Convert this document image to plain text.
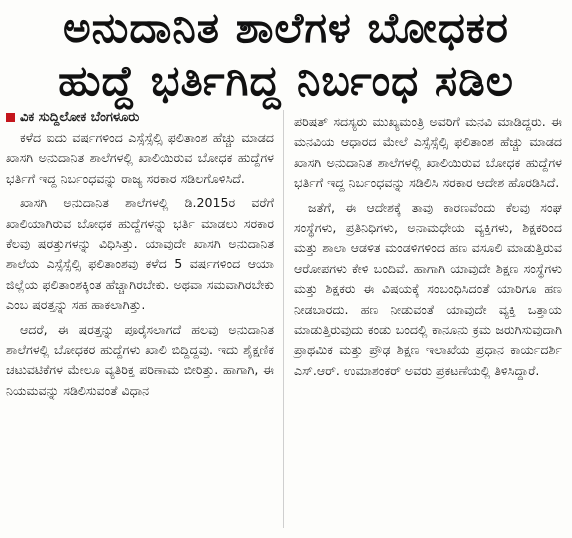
ಅನುದಾನಿತ ಶಾಲೆಗಳ ಬೋಧಕರ
ಹುದ್ದೆ ಭರ್ತಿಗಿದ್ದ ನಿರ್ಬಂಧ ಸಡಿಲ
ವಿಕ ಸುದ್ದಿಲೋಕ ಬೆಂಗಳೂರು

ಕಳೆದ ಐದು ವರ್ಷಗಳಿಂದ ಎಸ್ಸೆಸ್ಸೆಲ್ಸಿ ಫಲಿತಾಂಶ ಹೆಚ್ಚು ಮಾಡದ ಖಾಸಗಿ ಅನುದಾನಿತ ಶಾಲೆಗಳಲ್ಲಿ ಖಾಲಿಯಿರುವ ಬೋಧಕ ಹುದ್ದೆಗಳ ಭರ್ತಿಗೆ ಇದ್ದ ನಿರ್ಬಂಧವನ್ನು ರಾಜ್ಯ ಸರಕಾರ ಸಡಿಲಗೊಳಿಸಿದೆ.

ಖಾಸಗಿ ಅನುದಾನಿತ ಶಾಲೆಗಳಲ್ಲಿ ಡಿ.2015ರ ವರೆಗೆ ಖಾಲಿಯಾಗಿರುವ ಬೋಧಕ ಹುದ್ದೆಗಳನ್ನು ಭರ್ತಿ ಮಾಡಲು ಸರಕಾರ ಕೆಲವು ಷರತ್ತುಗಳನ್ನು ವಿಧಿಸಿತ್ತು. ಯಾವುದೇ ಖಾಸಗಿ ಅನುದಾನಿತ ಶಾಲೆಯ ಎಸ್ಸೆಸ್ಸೆಲ್ಸಿ ಫಲಿತಾಂಶವು ಕಳೆದ 5 ವರ್ಷಗಳಿಂದ ಆಯಾ ಜಿಲ್ಲೆಯ ಫಲಿತಾಂಶಕ್ಕಿಂತ ಹೆಚ್ಚಾಗಿರಬೇಕು. ಅಥವಾ ಸಮವಾಗಿರಬೇಕು ಎಂಬ ಷರತ್ತನ್ನು ಸಹ ಹಾಕಲಾಗಿತ್ತು.

ಆದರೆ, ಈ ಷರತ್ತನ್ನು ಪೂರೈಸಲಾಗದೆ ಹಲವು ಅನುದಾನಿತ ಶಾಲೆಗಳಲ್ಲಿ ಬೋಧಕರ ಹುದ್ದೆಗಳು ಖಾಲಿ ಬಿದ್ದಿದ್ದವು. ಇದು ಶೈಕ್ಷಣಿಕ ಚಟುವಟಿಕೆಗಳ ಮೇಲೂ ವ್ಯತಿರಿಕ್ತ ಪರಿಣಾಮ ಬೀರಿತ್ತು. ಹಾಗಾಗಿ, ಈ ನಿಯಮವನ್ನು ಸಡಿಲಿಸುವಂತೆ ವಿಧಾನ

ಪರಿಷತ್ ಸದಸ್ಯರು ಮುಖ್ಯಮಂತ್ರಿ ಅವರಿಗೆ ಮನವಿ ಮಾಡಿದ್ದರು. ಈ ಮನವಿಯ ಆಧಾರದ ಮೇಲೆ ಎಸ್ಸೆಸ್ಸೆಲ್ಸಿ ಫಲಿತಾಂಶ ಹೆಚ್ಚು ಮಾಡದ ಖಾಸಗಿ ಅನುದಾನಿತ ಶಾಲೆಗಳಲ್ಲಿ ಖಾಲಿಯಿರುವ ಬೋಧಕ ಹುದ್ದೆಗಳ ಭರ್ತಿಗೆ ಇದ್ದ ನಿರ್ಬಂಧವನ್ನು ಸಡಿಲಿಸಿ ಸರಕಾರ ಆದೇಶ ಹೊರಡಿಸಿದೆ.

ಜತೆಗೆ, ಈ ಆದೇಶಕ್ಕೆ ತಾವು ಕಾರಣವೆಂದು ಕೆಲವು ಸಂಘ ಸಂಸ್ಥೆಗಳು, ಪ್ರತಿನಿಧಿಗಳು, ಅನಾಮಧೇಯ ವ್ಯಕ್ತಿಗಳು, ಶಿಕ್ಷಕರಿಂದ ಮತ್ತು ಶಾಲಾ ಆಡಳಿತ ಮಂಡಳಿಗಳಿಂದ ಹಣ ವಸೂಲಿ ಮಾಡುತ್ತಿರುವ ಆರೋಪಗಳು ಕೇಳಿ ಬಂದಿವೆ. ಹಾಗಾಗಿ ಯಾವುದೇ ಶಿಕ್ಷಣ ಸಂಸ್ಥೆಗಳು ಮತ್ತು ಶಿಕ್ಷಕರು ಈ ವಿಷಯಕ್ಕೆ ಸಂಬಂಧಿಸಿದಂತೆ ಯಾರಿಗೂ ಹಣ ನೀಡಬಾರದು. ಹಣ ನೀಡುವಂತೆ ಯಾವುದೇ ವ್ಯಕ್ತಿ ಒತ್ತಾಯ ಮಾಡುತ್ತಿರುವುದು ಕಂಡು ಬಂದಲ್ಲಿ ಕಾನೂನು ಕ್ರಮ ಜರುಗಿಸುವುದಾಗಿ ಪ್ರಾಥಮಿಕ ಮತ್ತು ಪ್ರೌಢ ಶಿಕ್ಷಣ ಇಲಾಖೆಯ ಪ್ರಧಾನ ಕಾರ್ಯದರ್ಶಿ ಎಸ್.ಆರ್. ಉಮಾಶಂಕರ್ ಅವರು ಪ್ರಕಟಣೆಯಲ್ಲಿ ತಿಳಿಸಿದ್ದಾರೆ.
